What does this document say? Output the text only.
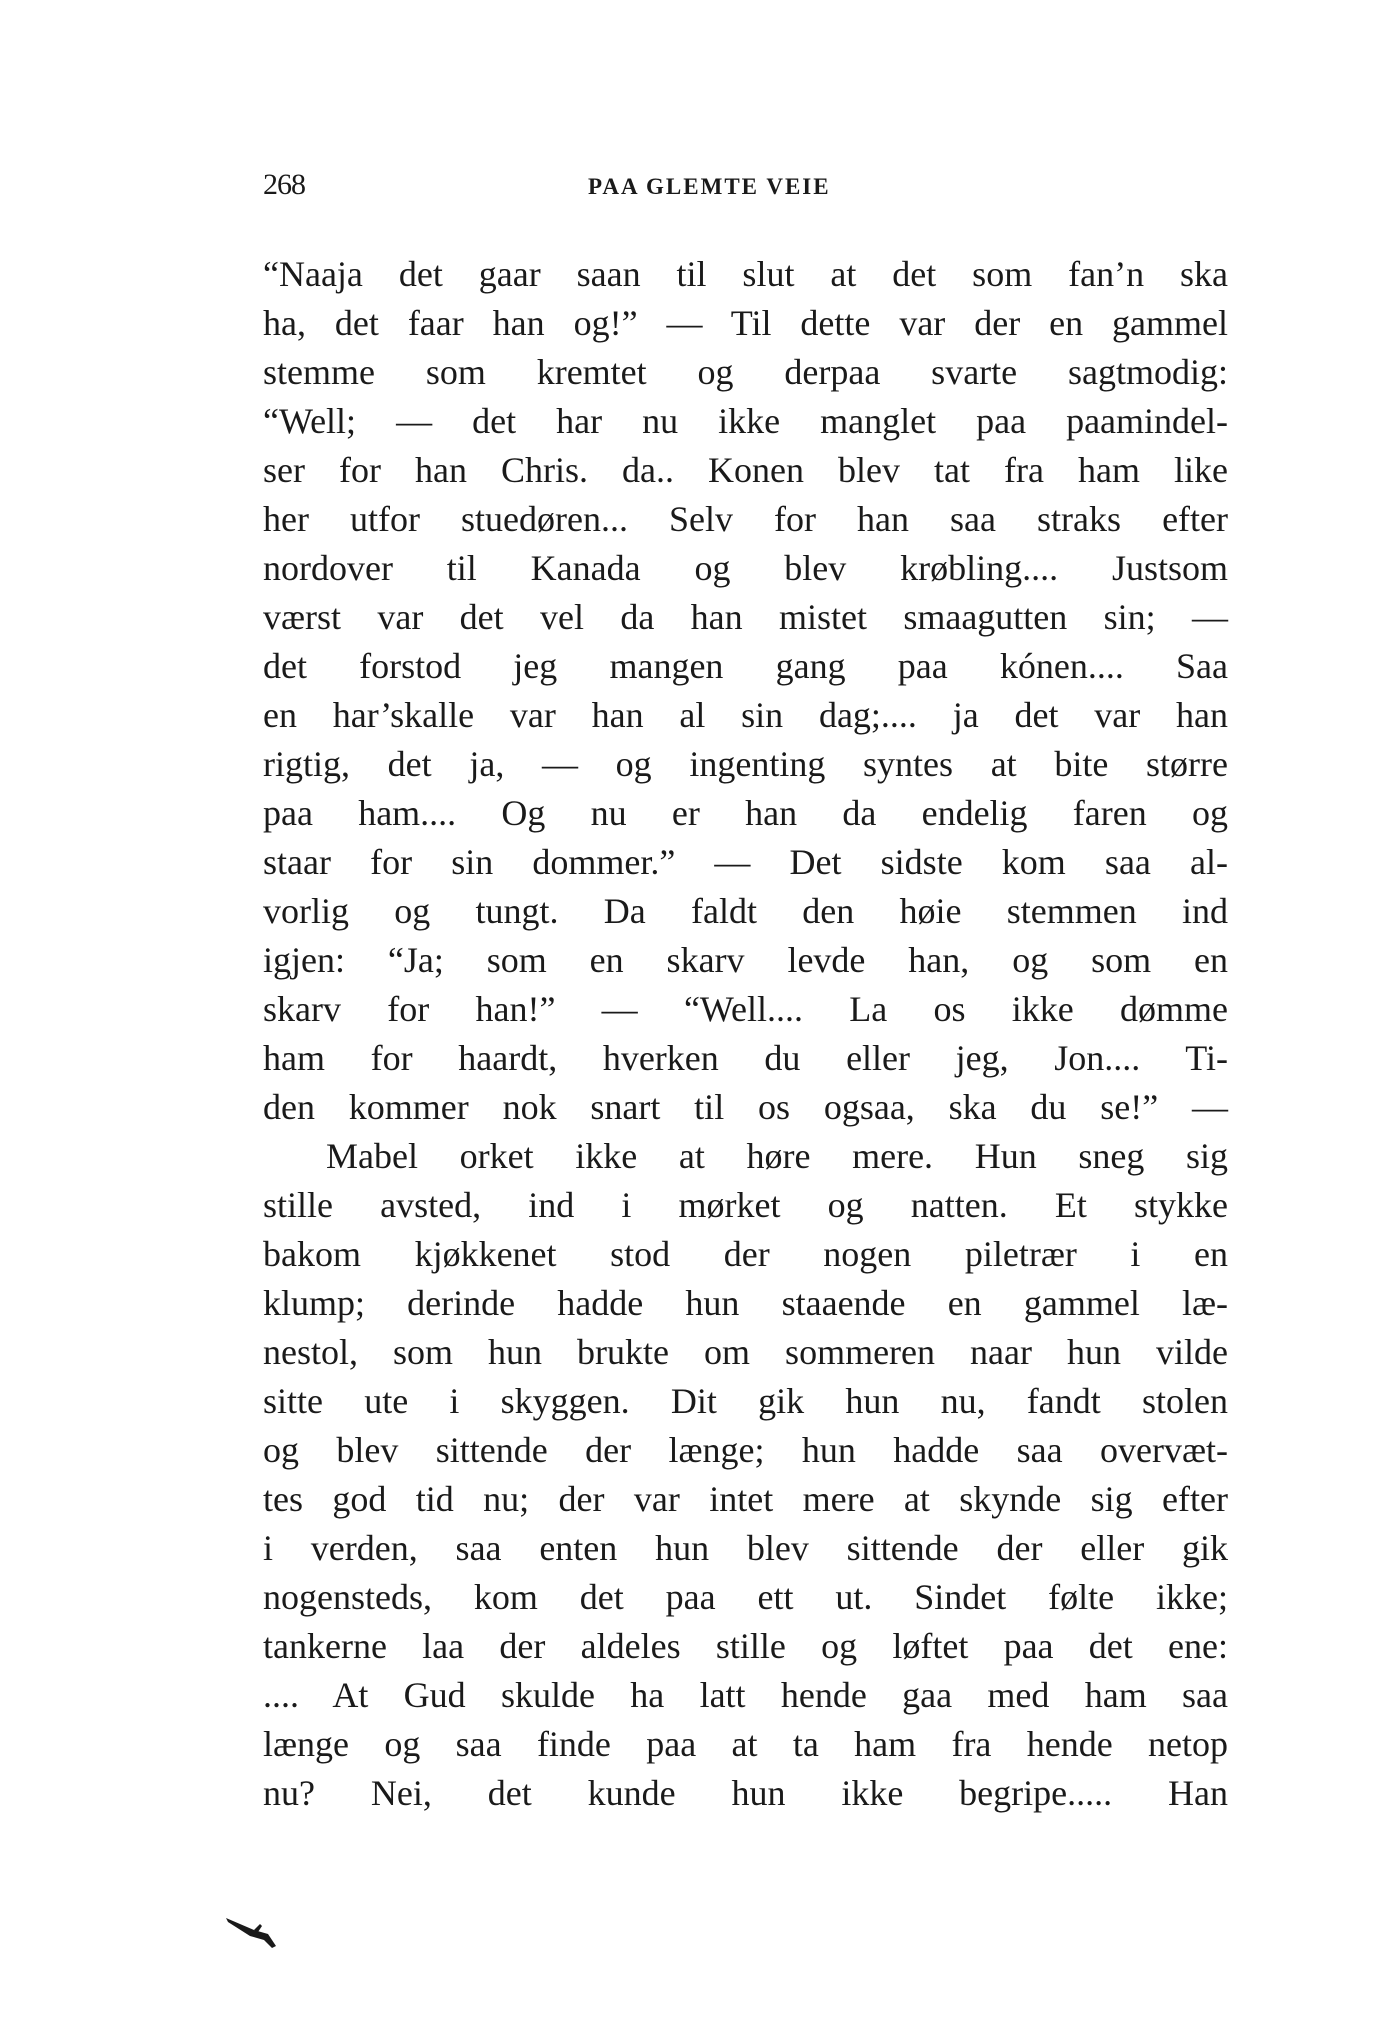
268	PAA GLEMTE VEIE
“Naaja det gaar saan til slut at det som fan’n ska
ha, det faar han og!” — Til dette var der en gammel
stemme som kremtet og derpaa svarte sagtmodig:
“Well; — det har nu ikke manglet paa paamindel-
ser for han Chris. da.. Konen blev tat fra ham like
her utfor stuedøren... Selv for han saa straks efter
nordover til Kanada og blev krøbling.... Justsom
værst var det vel da han mistet smaagutten sin; —
det forstod jeg mangen gang paa kónen.... Saa
en har’skalle var han al sin dag;.... ja det var han
rigtig, det ja, — og ingenting syntes at bite større
paa ham.... Og nu er han da endelig faren og
staar for sin dommer.” — Det sidste kom saa al-
vorlig og tungt. Da faldt den høie stemmen ind
igjen: “Ja; som en skarv levde han, og som en
skarv for han!” — “Well.... La os ikke dømme
ham for haardt, hverken du eller jeg, Jon.... Ti-
den kommer nok snart til os ogsaa, ska du se!” —
Mabel orket ikke at høre mere. Hun sneg sig
stille avsted, ind i mørket og natten. Et stykke
bakom kjøkkenet stod der nogen piletrær i en
klump; derinde hadde hun staaende en gammel læ-
nestol, som hun brukte om sommeren naar hun vilde
sitte ute i skyggen. Dit gik hun nu, fandt stolen
og blev sittende der længe; hun hadde saa overvæt-
tes god tid nu; der var intet mere at skynde sig efter
i verden, saa enten hun blev sittende der eller gik
nogensteds, kom det paa ett ut. Sindet følte ikke;
tankerne laa der aldeles stille og løftet paa det ene:
.... At Gud skulde ha latt hende gaa med ham saa
længe og saa finde paa at ta ham fra hende netop
nu? Nei, det kunde hun ikke begripe..... Han
